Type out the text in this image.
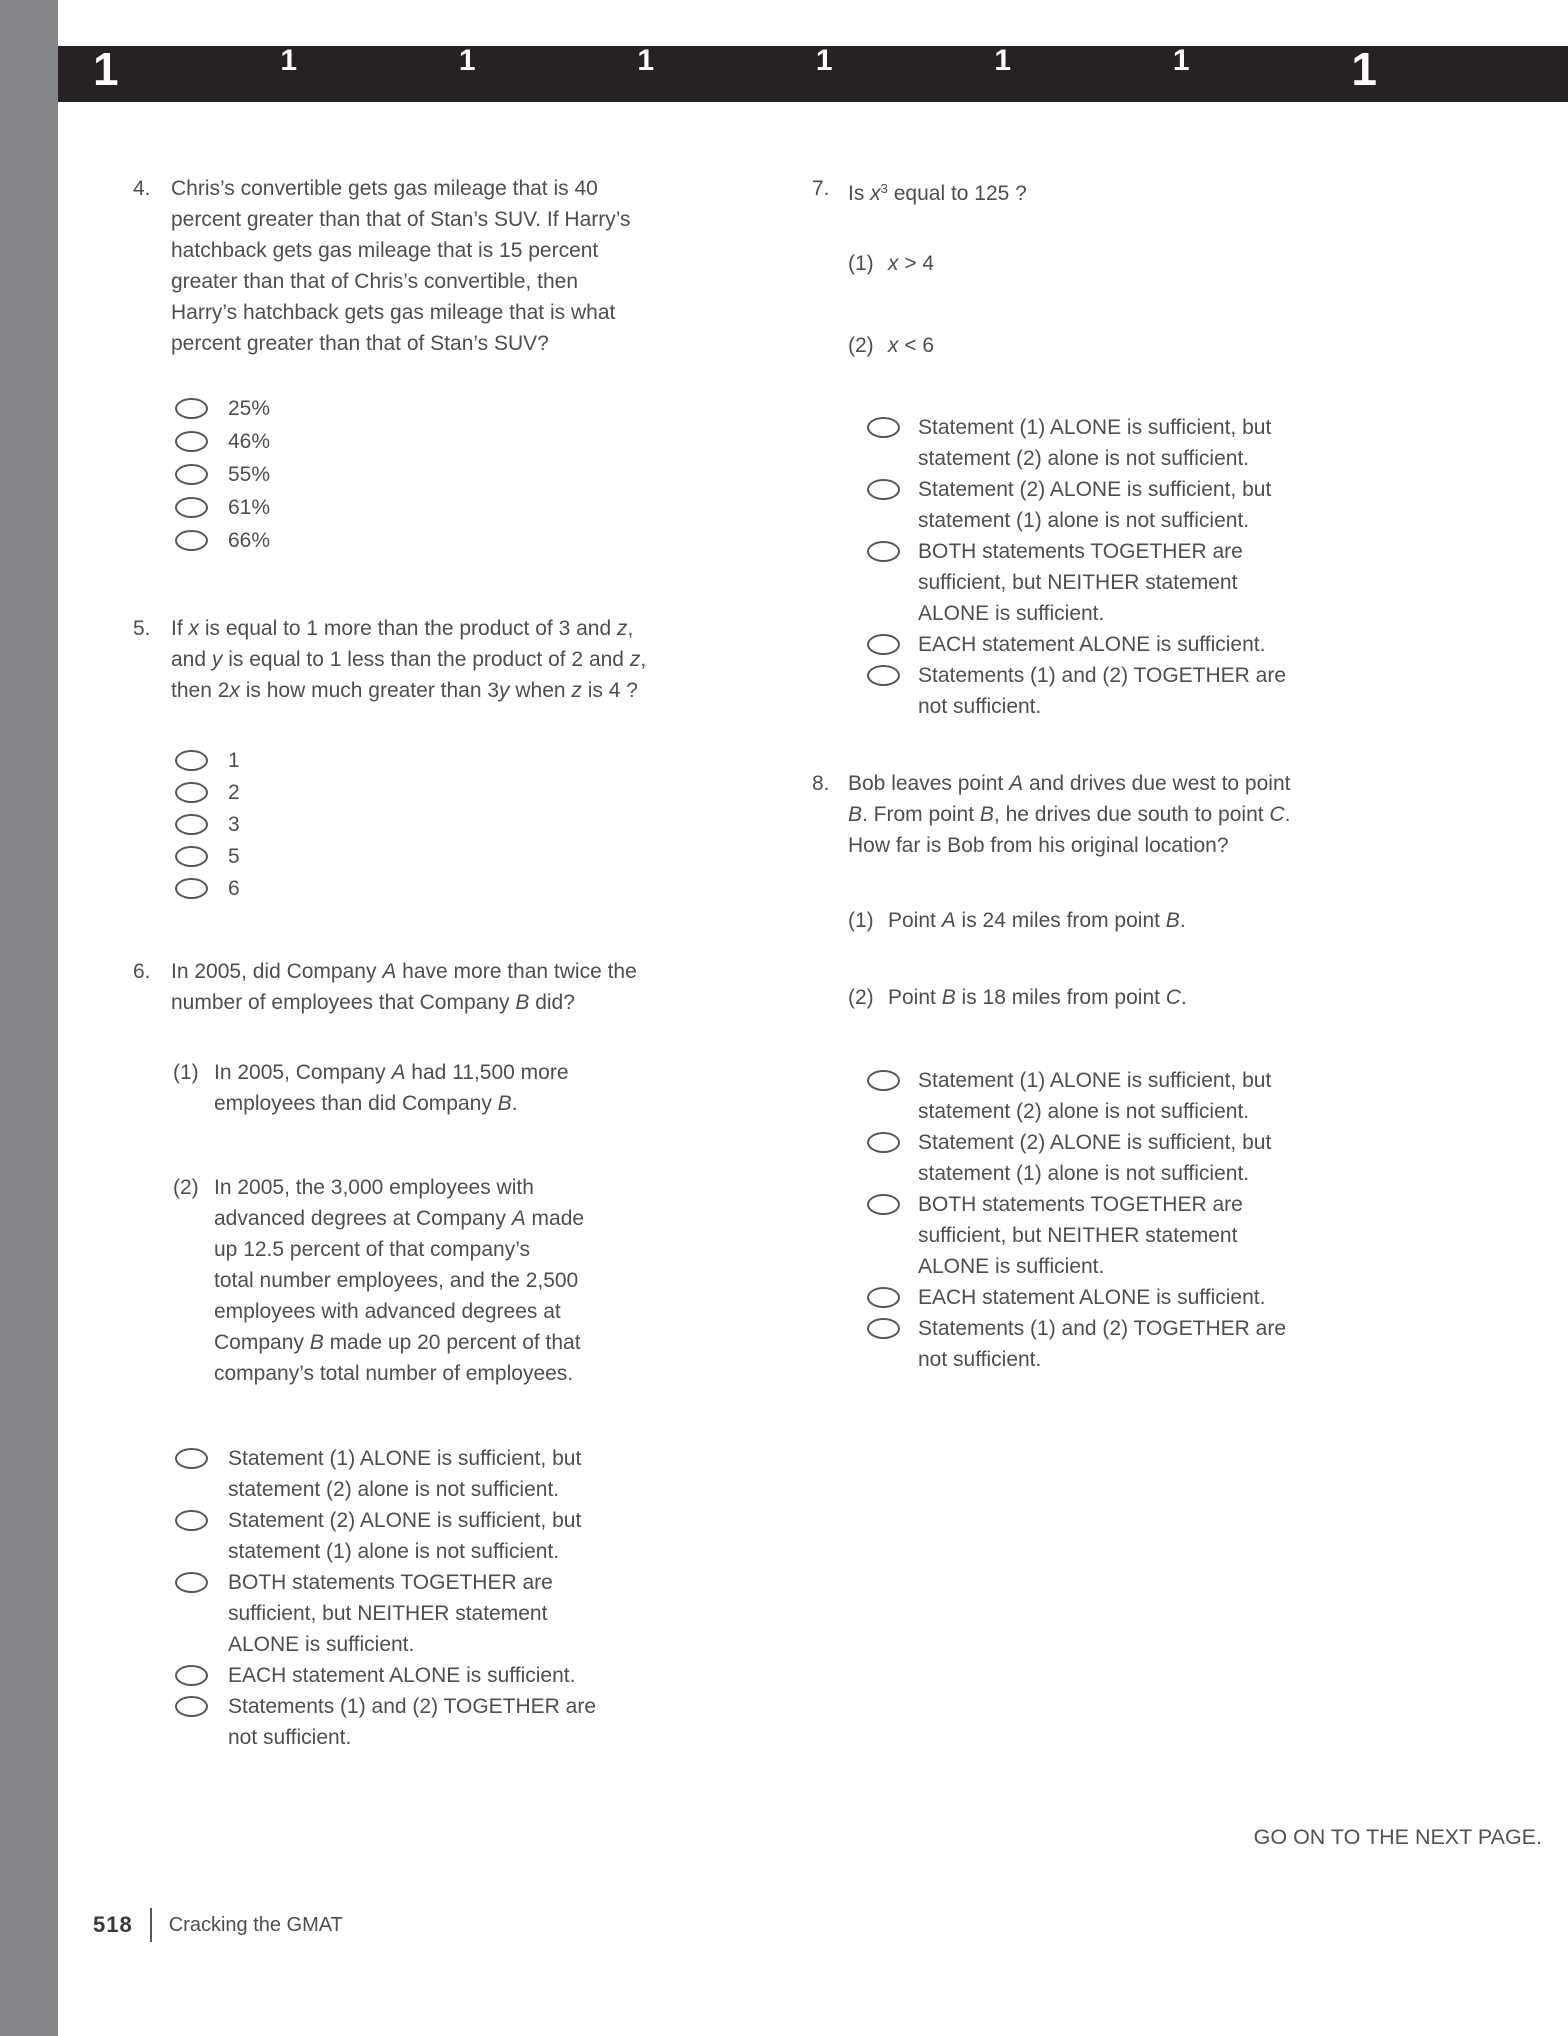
1	1	1	1	1	1	1	1
4. Chris’s convertible gets gas mileage that is 40
percent greater than that of Stan’s SUV. If Harry’s
hatchback gets gas mileage that is 15 percent
greater than that of Chris’s convertible, then
Harry’s hatchback gets gas mileage that is what
percent greater than that of Stan’s SUV?
25%
46%
55%
61%
66%
5. If x is equal to 1 more than the product of 3 and z,
and y is equal to 1 less than the product of 2 and z,
then 2x is how much greater than 3y when z is 4 ?
1
2
3
5
6
6. In 2005, did Company A have more than twice the
number of employees that Company B did?
(1) In 2005, Company A had 11,500 more
employees than did Company B.
(2) In 2005, the 3,000 employees with
advanced degrees at Company A made
up 12.5 percent of that company’s
total number employees, and the 2,500
employees with advanced degrees at
Company B made up 20 percent of that
company’s total number of employees.
Statement (1) ALONE is sufficient, but
statement (2) alone is not sufficient.
Statement (2) ALONE is sufficient, but
statement (1) alone is not sufficient.
BOTH statements TOGETHER are
sufficient, but NEITHER statement
ALONE is sufficient.
EACH statement ALONE is sufficient.
Statements (1) and (2) TOGETHER are
not sufficient.
7. Is $x^3$ equal to 125 ?
(1) x > 4
(2) x < 6
Statement (1) ALONE is sufficient, but
statement (2) alone is not sufficient.
Statement (2) ALONE is sufficient, but
statement (1) alone is not sufficient.
BOTH statements TOGETHER are
sufficient, but NEITHER statement
ALONE is sufficient.
EACH statement ALONE is sufficient.
Statements (1) and (2) TOGETHER are
not sufficient.
8. Bob leaves point A and drives due west to point
B. From point B, he drives due south to point C.
How far is Bob from his original location?
(1) Point A is 24 miles from point B.
(2) Point B is 18 miles from point C.
Statement (1) ALONE is sufficient, but
statement (2) alone is not sufficient.
Statement (2) ALONE is sufficient, but
statement (1) alone is not sufficient.
BOTH statements TOGETHER are
sufficient, but NEITHER statement
ALONE is sufficient.
EACH statement ALONE is sufficient.
Statements (1) and (2) TOGETHER are
not sufficient.
GO ON TO THE NEXT PAGE.
518 Cracking the GMAT
